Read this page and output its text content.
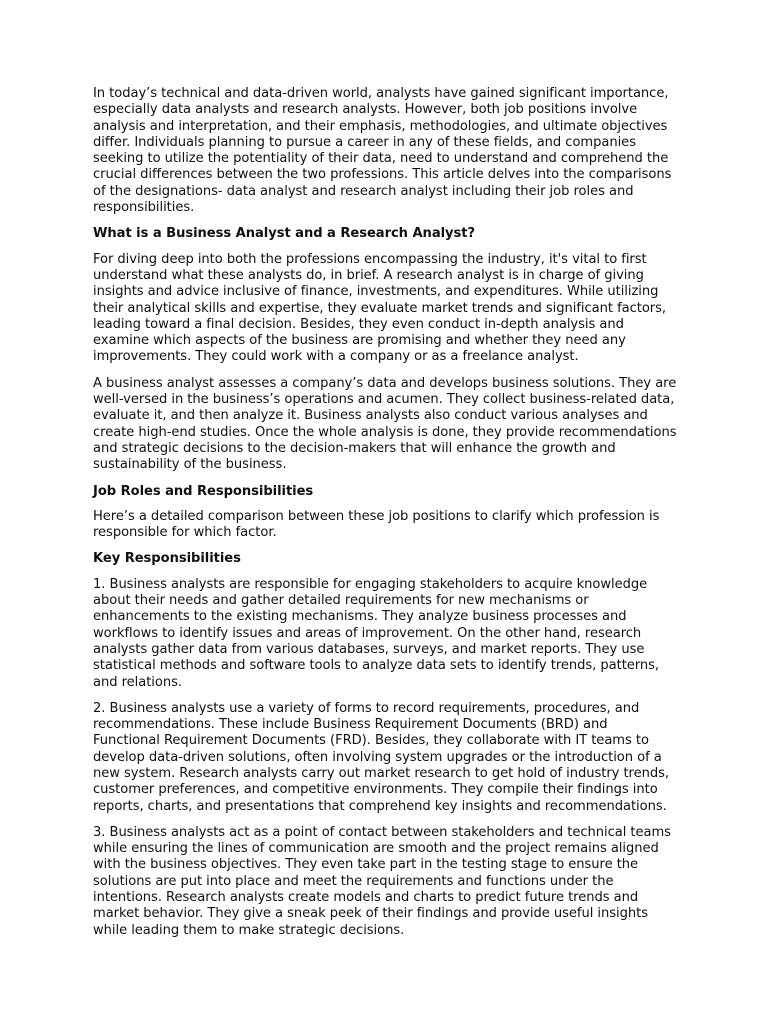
In today’s technical and data-driven world, analysts have gained significant importance, especially data analysts and research analysts. However, both job positions involve analysis and interpretation, and their emphasis, methodologies, and ultimate objectives differ. Individuals planning to pursue a career in any of these fields, and companies seeking to utilize the potentiality of their data, need to understand and comprehend the crucial differences between the two professions. This article delves into the comparisons of the designations- data analyst and research analyst including their job roles and responsibilities.

What is a Business Analyst and a Research Analyst?

For diving deep into both the professions encompassing the industry, it's vital to first understand what these analysts do, in brief. A research analyst is in charge of giving insights and advice inclusive of finance, investments, and expenditures. While utilizing their analytical skills and expertise, they evaluate market trends and significant factors, leading toward a final decision. Besides, they even conduct in-depth analysis and examine which aspects of the business are promising and whether they need any improvements. They could work with a company or as a freelance analyst.

A business analyst assesses a company’s data and develops business solutions. They are well-versed in the business’s operations and acumen. They collect business-related data, evaluate it, and then analyze it. Business analysts also conduct various analyses and create high-end studies. Once the whole analysis is done, they provide recommendations and strategic decisions to the decision-makers that will enhance the growth and sustainability of the business.

Job Roles and Responsibilities

Here’s a detailed comparison between these job positions to clarify which profession is responsible for which factor.

Key Responsibilities

1. Business analysts are responsible for engaging stakeholders to acquire knowledge about their needs and gather detailed requirements for new mechanisms or enhancements to the existing mechanisms. They analyze business processes and workflows to identify issues and areas of improvement. On the other hand, research analysts gather data from various databases, surveys, and market reports. They use statistical methods and software tools to analyze data sets to identify trends, patterns, and relations.

2. Business analysts use a variety of forms to record requirements, procedures, and recommendations. These include Business Requirement Documents (BRD) and Functional Requirement Documents (FRD). Besides, they collaborate with IT teams to develop data-driven solutions, often involving system upgrades or the introduction of a new system. Research analysts carry out market research to get hold of industry trends, customer preferences, and competitive environments. They compile their findings into reports, charts, and presentations that comprehend key insights and recommendations.

3. Business analysts act as a point of contact between stakeholders and technical teams while ensuring the lines of communication are smooth and the project remains aligned with the business objectives. They even take part in the testing stage to ensure the solutions are put into place and meet the requirements and functions under the intentions. Research analysts create models and charts to predict future trends and market behavior. They give a sneak peek of their findings and provide useful insights while leading them to make strategic decisions.
